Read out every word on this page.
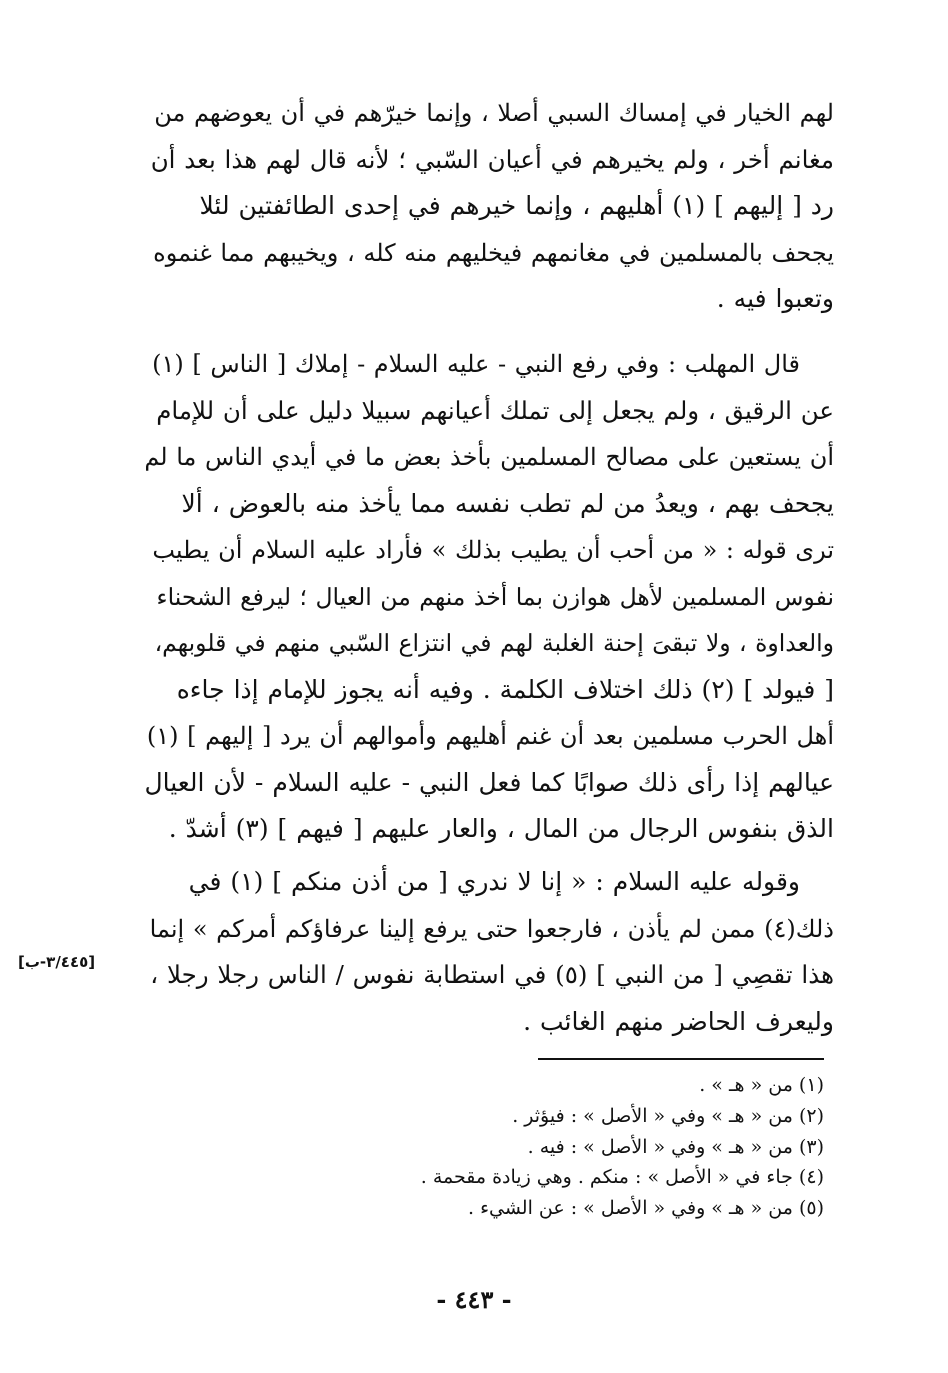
لهم الخيار في إمساك السبي أصلا ، وإنما خيرّهم في أن يعوضهم من
مغانم أخر ، ولم يخيرهم في أعيان السّبي ؛ لأنه قال لهم هذا بعد أن
رد [ إليهم ] (١) أهليهم ، وإنما خيرهم في إحدى الطائفتين لئلا
يجحف بالمسلمين في مغانمهم فيخليهم منه كله ، ويخيبهم مما غنموه
وتعبوا فيه .
قال المهلب : وفي رفع النبي - عليه السلام - إملاك [ الناس ] (١)
عن الرقيق ، ولم يجعل إلى تملك أعيانهم سبيلا دليل على أن للإمام
أن يستعين على مصالح المسلمين بأخذ بعض ما في أيدي الناس ما لم
يجحف بهم ، ويعدُ من لم تطب نفسه مما يأخذ منه بالعوض ، ألا
ترى قوله : « من أحب أن يطيب بذلك » فأراد عليه السلام أن يطيب
نفوس المسلمين لأهل هوازن بما أخذ منهم من العيال ؛ ليرفع الشحناء
والعداوة ، ولا تبقىَ إحنة الغلبة لهم في انتزاع السّبي منهم في قلوبهم،
[ فيولد ] (٢) ذلك اختلاف الكلمة . وفيه أنه يجوز للإمام إذا جاءه
أهل الحرب مسلمين بعد أن غنم أهليهم وأموالهم أن يرد [ إليهم ] (١)
عيالهم إذا رأى ذلك صوابًا كما فعل النبي - عليه السلام - لأن العيال
الذق بنفوس الرجال من المال ، والعار عليهم [ فيهم ] (٣) أشدّ .
وقوله عليه السلام : « إنا لا ندري [ من أذن منكم ] (١) في
ذلك(٤) ممن لم يأذن ، فارجعوا حتى يرفع إلينا عرفاؤكم أمركم » إنما
هذا تقصِي [ من النبي ] (٥) في استطابة نفوس / الناس رجلا رجلا ،
وليعرف الحاضر منهم الغائب .
[٣/٤٤٥-ب]
(١) من « هـ » .
(٢) من « هـ » وفي « الأصل » : فيؤثر .
(٣) من « هـ » وفي « الأصل » : فيه .
(٤) جاء في « الأصل » : منكم . وهي زيادة مقحمة .
(٥) من « هـ » وفي « الأصل » : عن الشيء .
- ٤٤٣ -
